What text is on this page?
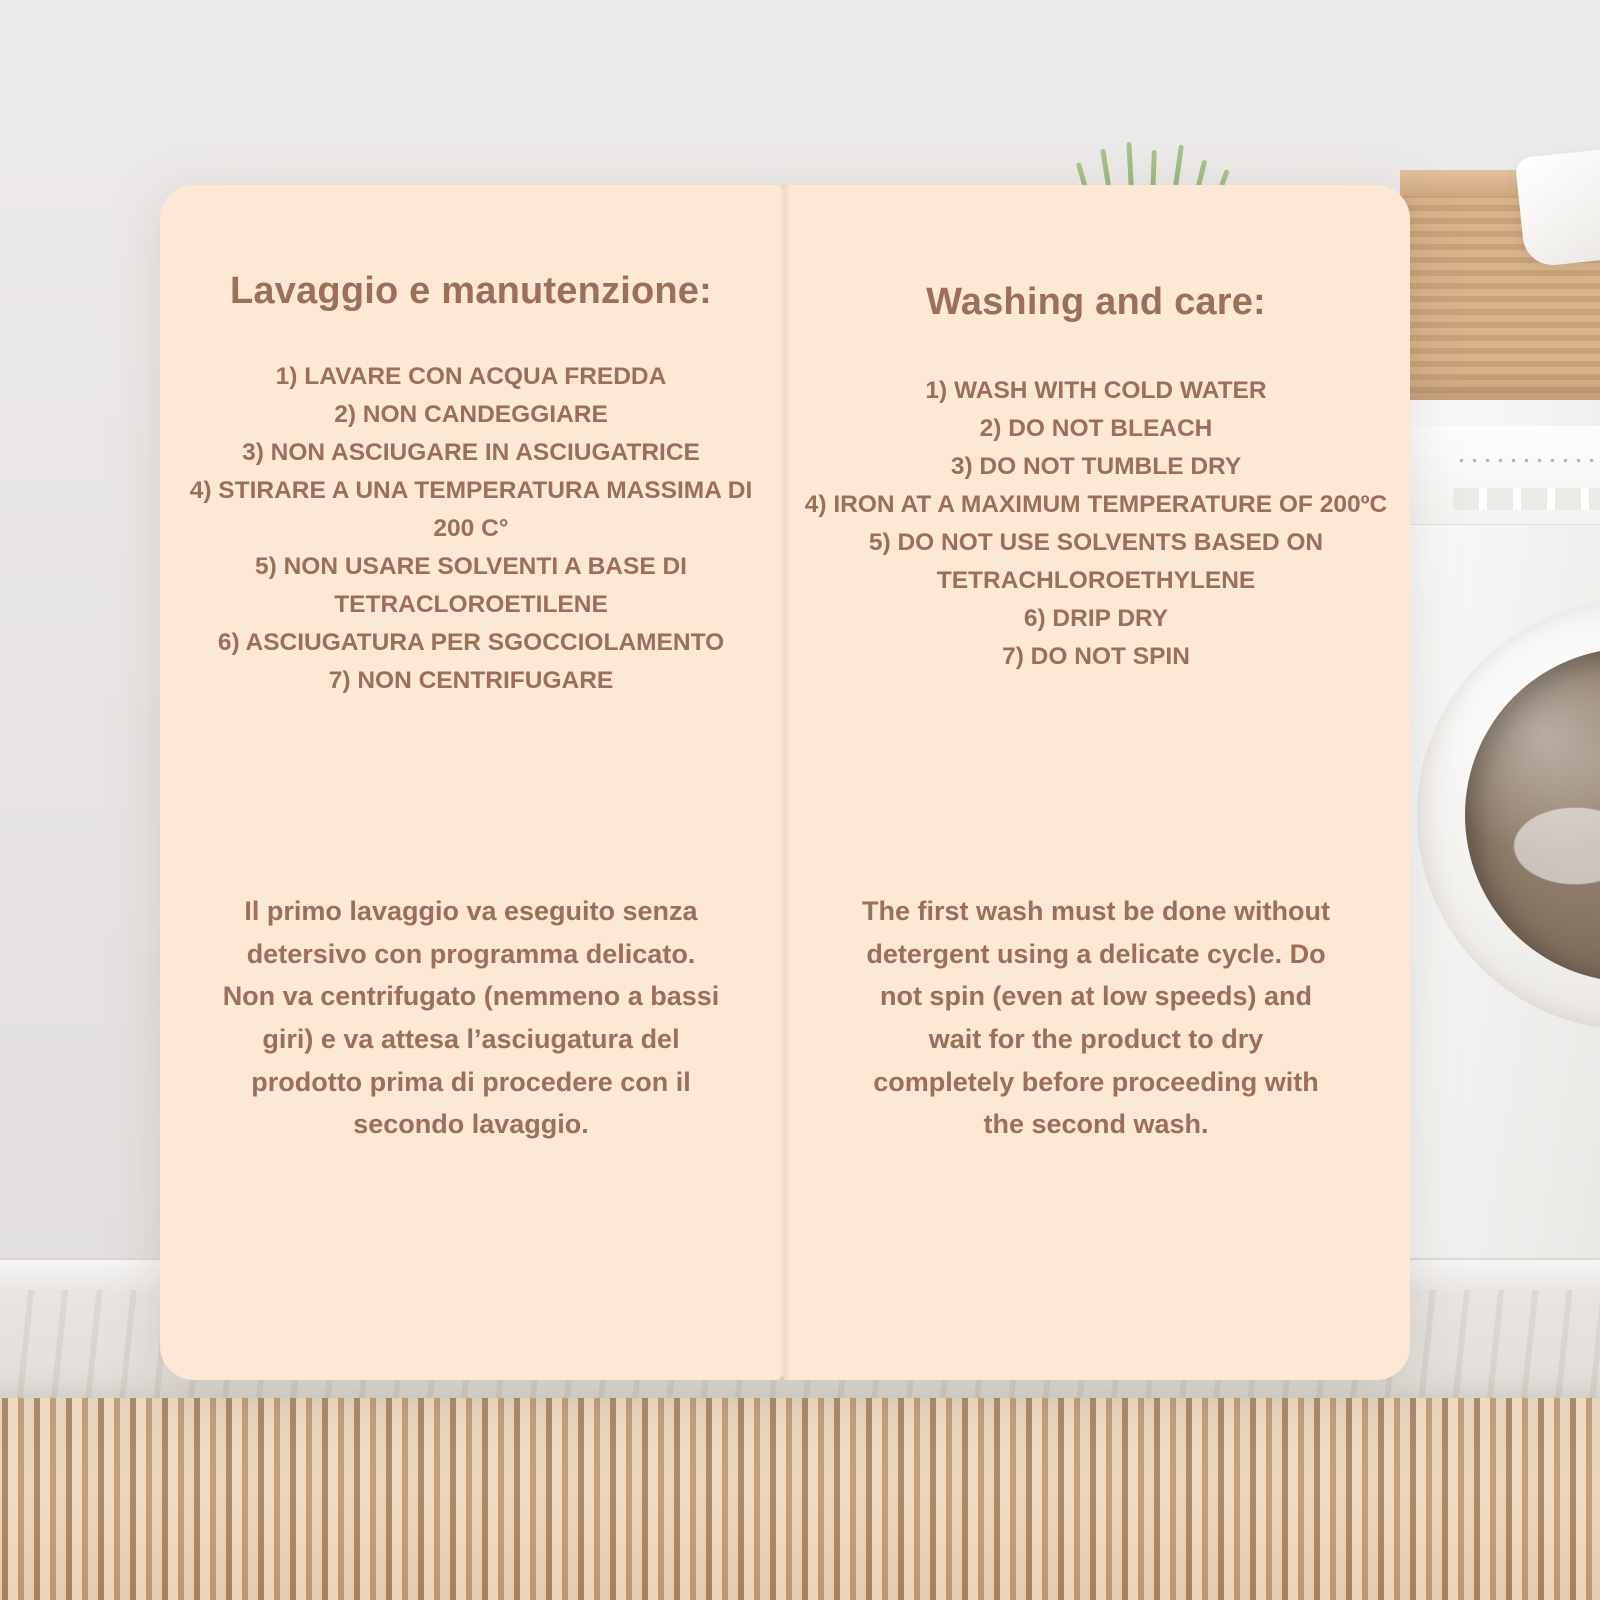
Lavaggio e manutenzione:
1) LAVARE CON ACQUA FREDDA
2) NON CANDEGGIARE
3) NON ASCIUGARE IN ASCIUGATRICE
4) STIRARE A UNA TEMPERATURA MASSIMA DI 200 C°
5) NON USARE SOLVENTI A BASE DI TETRACLOROETILENE
6) ASCIUGATURA PER SGOCCIOLAMENTO
7) NON CENTRIFUGARE
Il primo lavaggio va eseguito senza detersivo con programma delicato. Non va centrifugato (nemmeno a bassi giri) e va attesa l’asciugatura del prodotto prima di procedere con il secondo lavaggio.
Washing and care:
1) WASH WITH COLD WATER
2) DO NOT BLEACH
3) DO NOT TUMBLE DRY
4) IRON AT A MAXIMUM TEMPERATURE OF 200ºC
5) DO NOT USE SOLVENTS BASED ON TETRACHLOROETHYLENE
6) DRIP DRY
7) DO NOT SPIN
The first wash must be done without detergent using a delicate cycle. Do not spin (even at low speeds) and wait for the product to dry completely before proceeding with the second wash.
